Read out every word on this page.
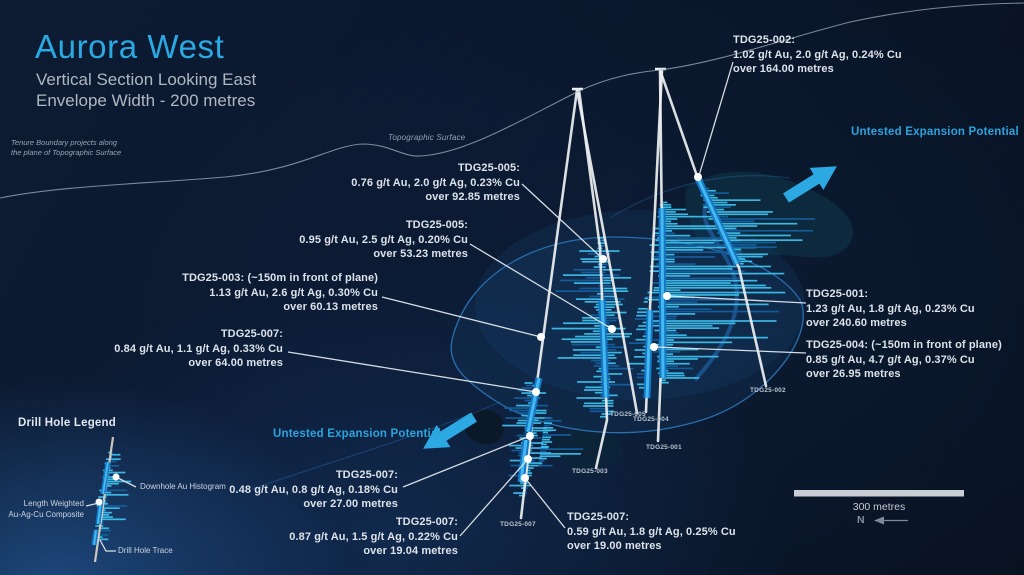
Aurora West
Vertical Section Looking East
Envelope Width - 200 metres
Tenure Boundary projects along
the plane of Topographic Surface
Topographic Surface	Untested Expansion Potential
Untested Expansion Potential
TDG25-002:
1.02 g/t Au, 2.0 g/t Ag, 0.24% Cu
over 164.00 metres
TDG25-005:
0.76 g/t Au, 2.0 g/t Ag, 0.23% Cu
over 92.85 metres
TDG25-005:
0.95 g/t Au, 2.5 g/t Ag, 0.20% Cu
over 53.23 metres
TDG25-003: (~150m in front of plane)
1.13 g/t Au, 2.6 g/t Ag, 0.30% Cu
over 60.13 metres
TDG25-007:
0.84 g/t Au, 1.1 g/t Ag, 0.33% Cu
over 64.00 metres
TDG25-001:
1.23 g/t Au, 1.8 g/t Ag, 0.23% Cu
over 240.60 metres
TDG25-004: (~150m in front of plane)
0.85 g/t Au, 4.7 g/t Ag, 0.37% Cu
over 26.95 metres
TDG25-007:
0.48 g/t Au, 0.8 g/t Ag, 0.18% Cu
over 27.00 metres
TDG25-007:
0.87 g/t Au, 1.5 g/t Ag, 0.22% Cu
over 19.04 metres
TDG25-007:
0.59 g/t Au, 1.8 g/t Ag, 0.25% Cu
over 19.00 metres
TDG25-005
TDG25-004
TDG25-001
TDG25-003
TDG25-002
TDG25-007
Drill Hole Legend
Downhole Au Histogram
Length Weighted
Au-Ag-Cu Composite
Drill Hole Trace
300 metres
N
